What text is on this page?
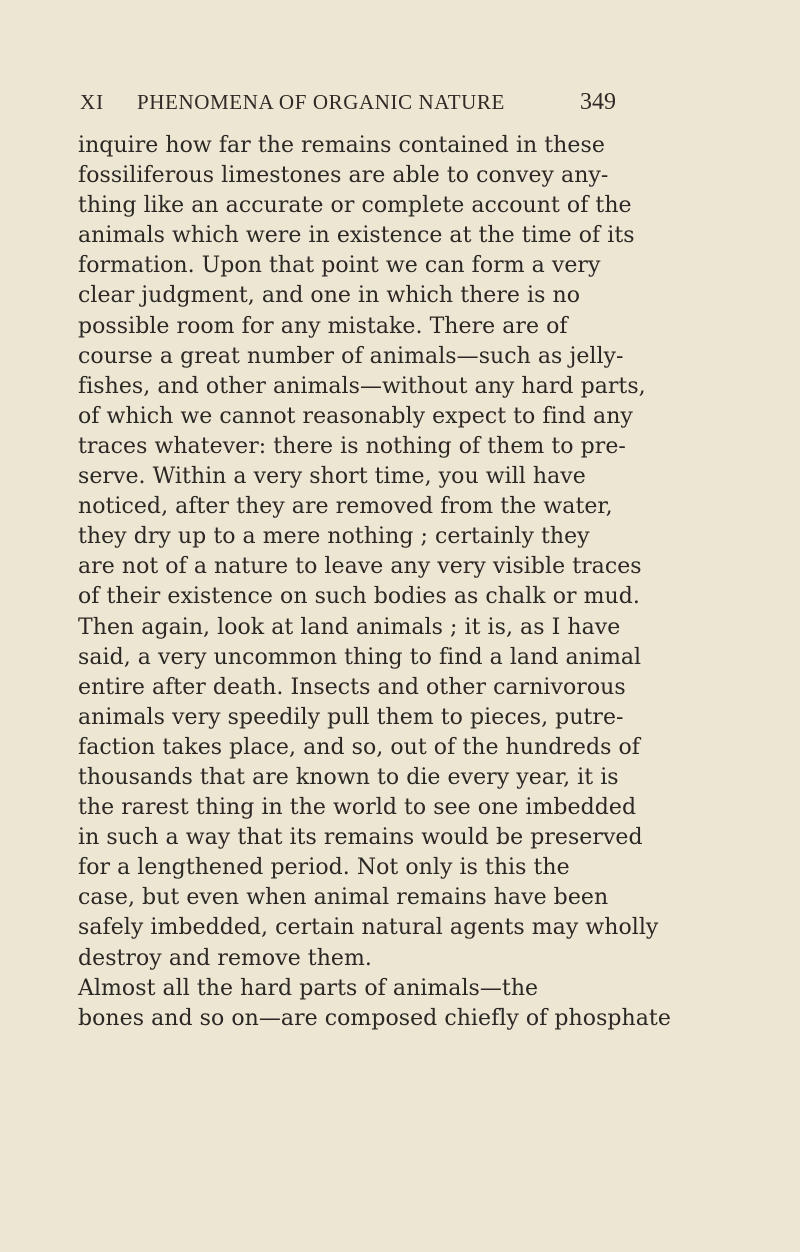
XI PHENOMENA OF ORGANIC NATURE	349
inquire how far the remains contained in these
fossiliferous limestones are able to convey any-
thing like an accurate or complete account of the
animals which were in existence at the time of its
formation. Upon that point we can form a very
clear judgment, and one in which there is no
possible room for any mistake. There are of
course a great number of animals—such as jelly-
fishes, and other animals—without any hard parts,
of which we cannot reasonably expect to find any
traces whatever: there is nothing of them to pre-
serve. Within a very short time, you will have
noticed, after they are removed from the water,
they dry up to a mere nothing ; certainly they
are not of a nature to leave any very visible traces
of their existence on such bodies as chalk or mud.
Then again, look at land animals ; it is, as I have
said, a very uncommon thing to find a land animal
entire after death. Insects and other carnivorous
animals very speedily pull them to pieces, putre-
faction takes place, and so, out of the hundreds of
thousands that are known to die every year, it is
the rarest thing in the world to see one imbedded
in such a way that its remains would be preserved
for a lengthened period. Not only is this the
case, but even when animal remains have been
safely imbedded, certain natural agents may wholly
destroy and remove them.
Almost all the hard parts of animals—the
bones and so on—are composed chiefly of phosphate
